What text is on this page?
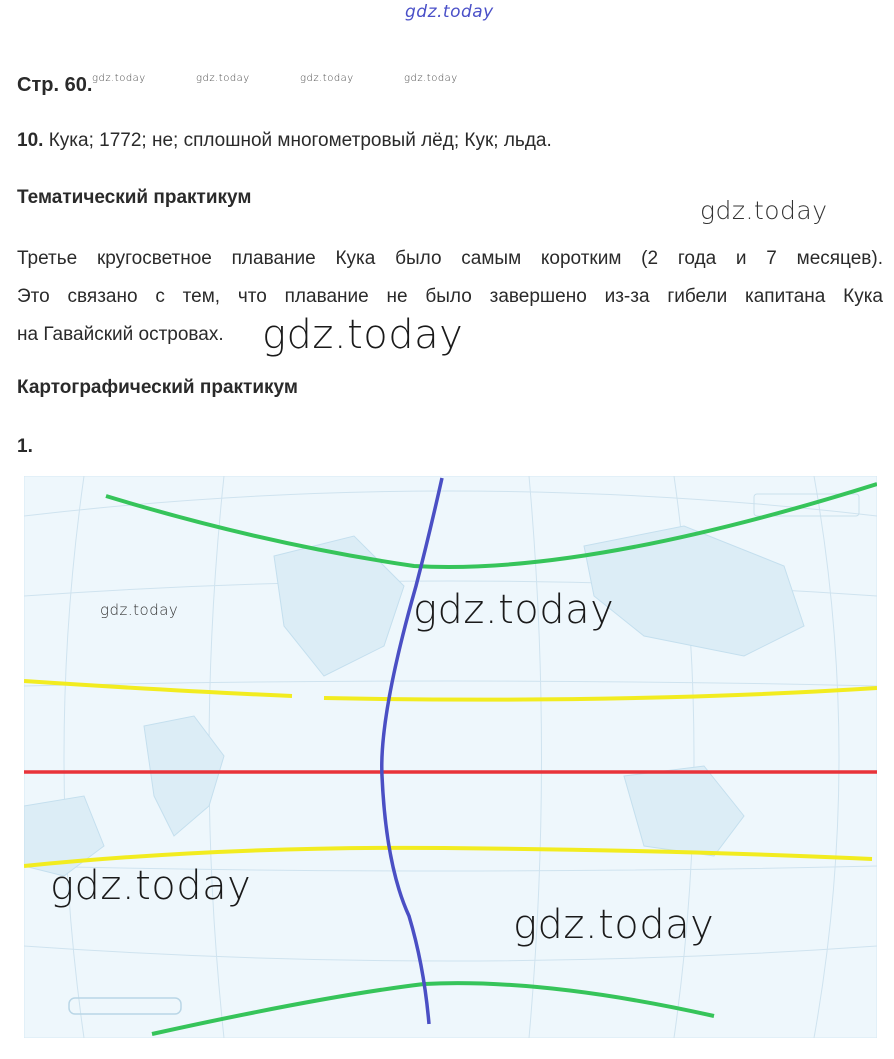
gdz.today
gdz.today	gdz.today	gdz.today	gdz.today
Стр. 60.
10. Кука; 1772; не; сплошной многометровый лёд; Кук; льда.
Тематический практикум	gdz.today
Третье кругосветное плавание Кука было самым коротким (2 года и 7 месяцев).
Это связано с тем, что плавание не было завершено из-за гибели капитана Кука
на Гавайский островах. gdz.today
Картографический практикум
1.
gdz.today	gdz.today
gdz.today
gdz.today
